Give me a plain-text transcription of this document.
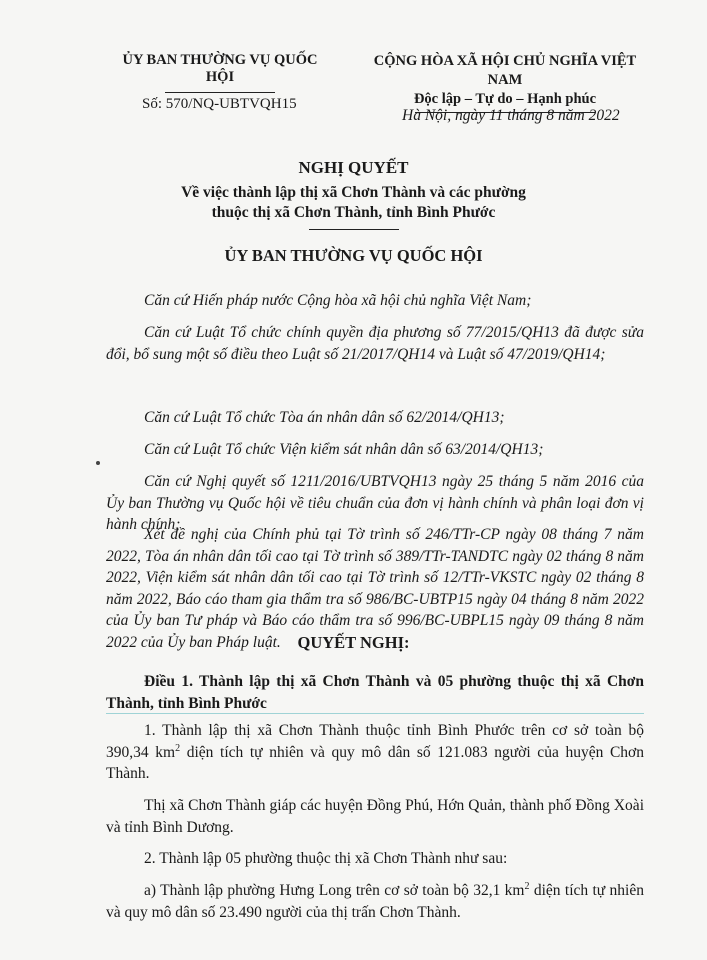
ỦY BAN THƯỜNG VỤ QUỐC HỘI
CỘNG HÒA XÃ HỘI CHỦ NGHĨA VIỆT NAM
Độc lập – Tự do – Hạnh phúc
Số: 570/NQ-UBTVQH15
Hà Nội, ngày 11 tháng 8 năm 2022
NGHỊ QUYẾT
Về việc thành lập thị xã Chơn Thành và các phường
thuộc thị xã Chơn Thành, tỉnh Bình Phước
ỦY BAN THƯỜNG VỤ QUỐC HỘI
Căn cứ Hiến pháp nước Cộng hòa xã hội chủ nghĩa Việt Nam;
Căn cứ Luật Tổ chức chính quyền địa phương số 77/2015/QH13 đã được sửa đổi, bổ sung một số điều theo Luật số 21/2017/QH14 và Luật số 47/2019/QH14;
Căn cứ Luật Tổ chức Tòa án nhân dân số 62/2014/QH13;
Căn cứ Luật Tổ chức Viện kiểm sát nhân dân số 63/2014/QH13;
Căn cứ Nghị quyết số 1211/2016/UBTVQH13 ngày 25 tháng 5 năm 2016 của Ủy ban Thường vụ Quốc hội về tiêu chuẩn của đơn vị hành chính và phân loại đơn vị hành chính;
Xét đề nghị của Chính phủ tại Tờ trình số 246/TTr-CP ngày 08 tháng 7 năm 2022, Tòa án nhân dân tối cao tại Tờ trình số 389/TTr-TANDTC ngày 02 tháng 8 năm 2022, Viện kiểm sát nhân dân tối cao tại Tờ trình số 12/TTr-VKSTC ngày 02 tháng 8 năm 2022, Báo cáo tham gia thẩm tra số 986/BC-UBTP15 ngày 04 tháng 8 năm 2022 của Ủy ban Tư pháp và Báo cáo thẩm tra số 996/BC-UBPL15 ngày 09 tháng 8 năm 2022 của Ủy ban Pháp luật.	QUYẾT NGHỊ:
Điều 1. Thành lập thị xã Chơn Thành và 05 phường thuộc thị xã Chơn Thành, tỉnh Bình Phước
1. Thành lập thị xã Chơn Thành thuộc tỉnh Bình Phước trên cơ sở toàn bộ 390,34 $km^2$ diện tích tự nhiên và quy mô dân số 121.083 người của huyện Chơn Thành.
Thị xã Chơn Thành giáp các huyện Đồng Phú, Hớn Quản, thành phố Đồng Xoài và tỉnh Bình Dương.
2. Thành lập 05 phường thuộc thị xã Chơn Thành như sau:
a) Thành lập phường Hưng Long trên cơ sở toàn bộ 32,1 $km^2$ diện tích tự nhiên và quy mô dân số 23.490 người của thị trấn Chơn Thành.
